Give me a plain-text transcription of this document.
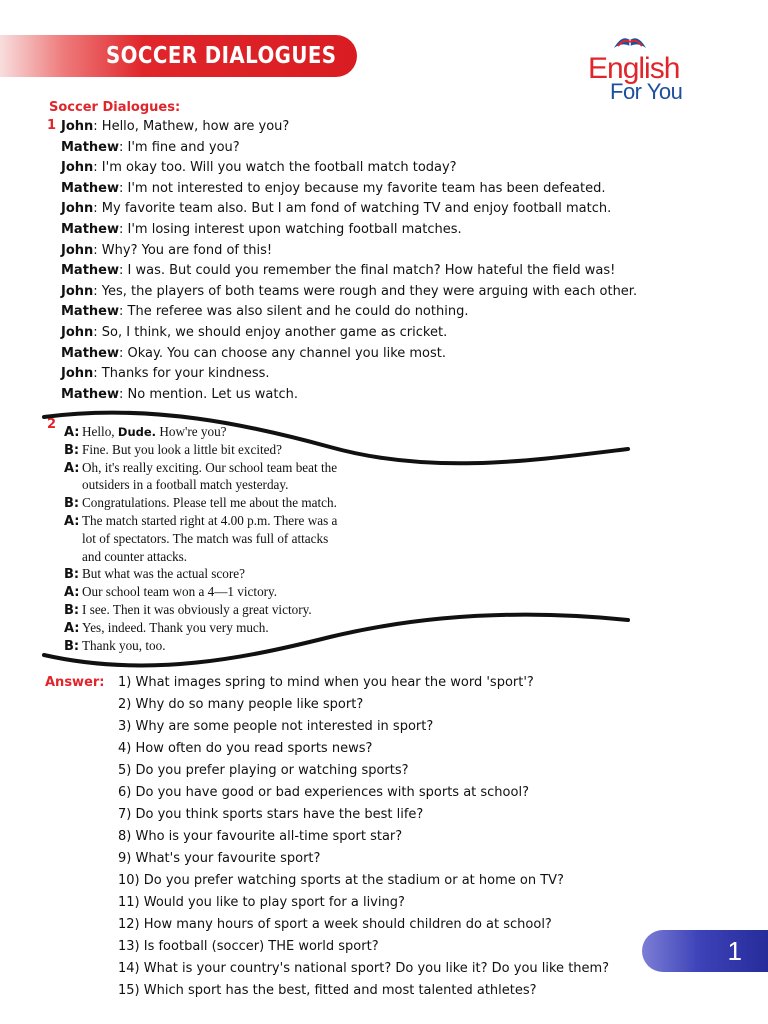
SOCCER DIALOGUES	English
For You
Soccer Dialogues:
1 John: Hello, Mathew, how are you?
Mathew: I'm fine and you?
John: I'm okay too. Will you watch the football match today?
Mathew: I'm not interested to enjoy because my favorite team has been defeated.
John: My favorite team also. But I am fond of watching TV and enjoy football match.
Mathew: I'm losing interest upon watching football matches.
John: Why? You are fond of this!
Mathew: I was. But could you remember the final match? How hateful the field was!
John: Yes, the players of both teams were rough and they were arguing with each other.
Mathew: The referee was also silent and he could do nothing.
John: So, I think, we should enjoy another game as cricket.
Mathew: Okay. You can choose any channel you like most.
John: Thanks for your kindness.
Mathew: No mention. Let us watch.
2
A: Hello, Dude. How're you?
B: Fine. But you look a little bit excited?
A: Oh, it's really exciting. Our school team beat the
outsiders in a football match yesterday.
B: Congratulations. Please tell me about the match.
A: The match started right at 4.00 p.m. There was a
lot of spectators. The match was full of attacks
and counter attacks.
B: But what was the actual score?
A: Our school team won a 4—1 victory.
B: I see. Then it was obviously a great victory.
A: Yes, indeed. Thank you very much.
B: Thank you, too.
Answer: 1) What images spring to mind when you hear the word 'sport'?
2) Why do so many people like sport?
3) Why are some people not interested in sport?
4) How often do you read sports news?
5) Do you prefer playing or watching sports?
6) Do you have good or bad experiences with sports at school?
7) Do you think sports stars have the best life?
8) Who is your favourite all-time sport star?
9) What's your favourite sport?
10) Do you prefer watching sports at the stadium or at home on TV?
11) Would you like to play sport for a living?
12) How many hours of sport a week should children do at school?
13) Is football (soccer) THE world sport?
14) What is your country's national sport? Do you like it? Do you like them?
15) Which sport has the best, fitted and most talented athletes?
1
